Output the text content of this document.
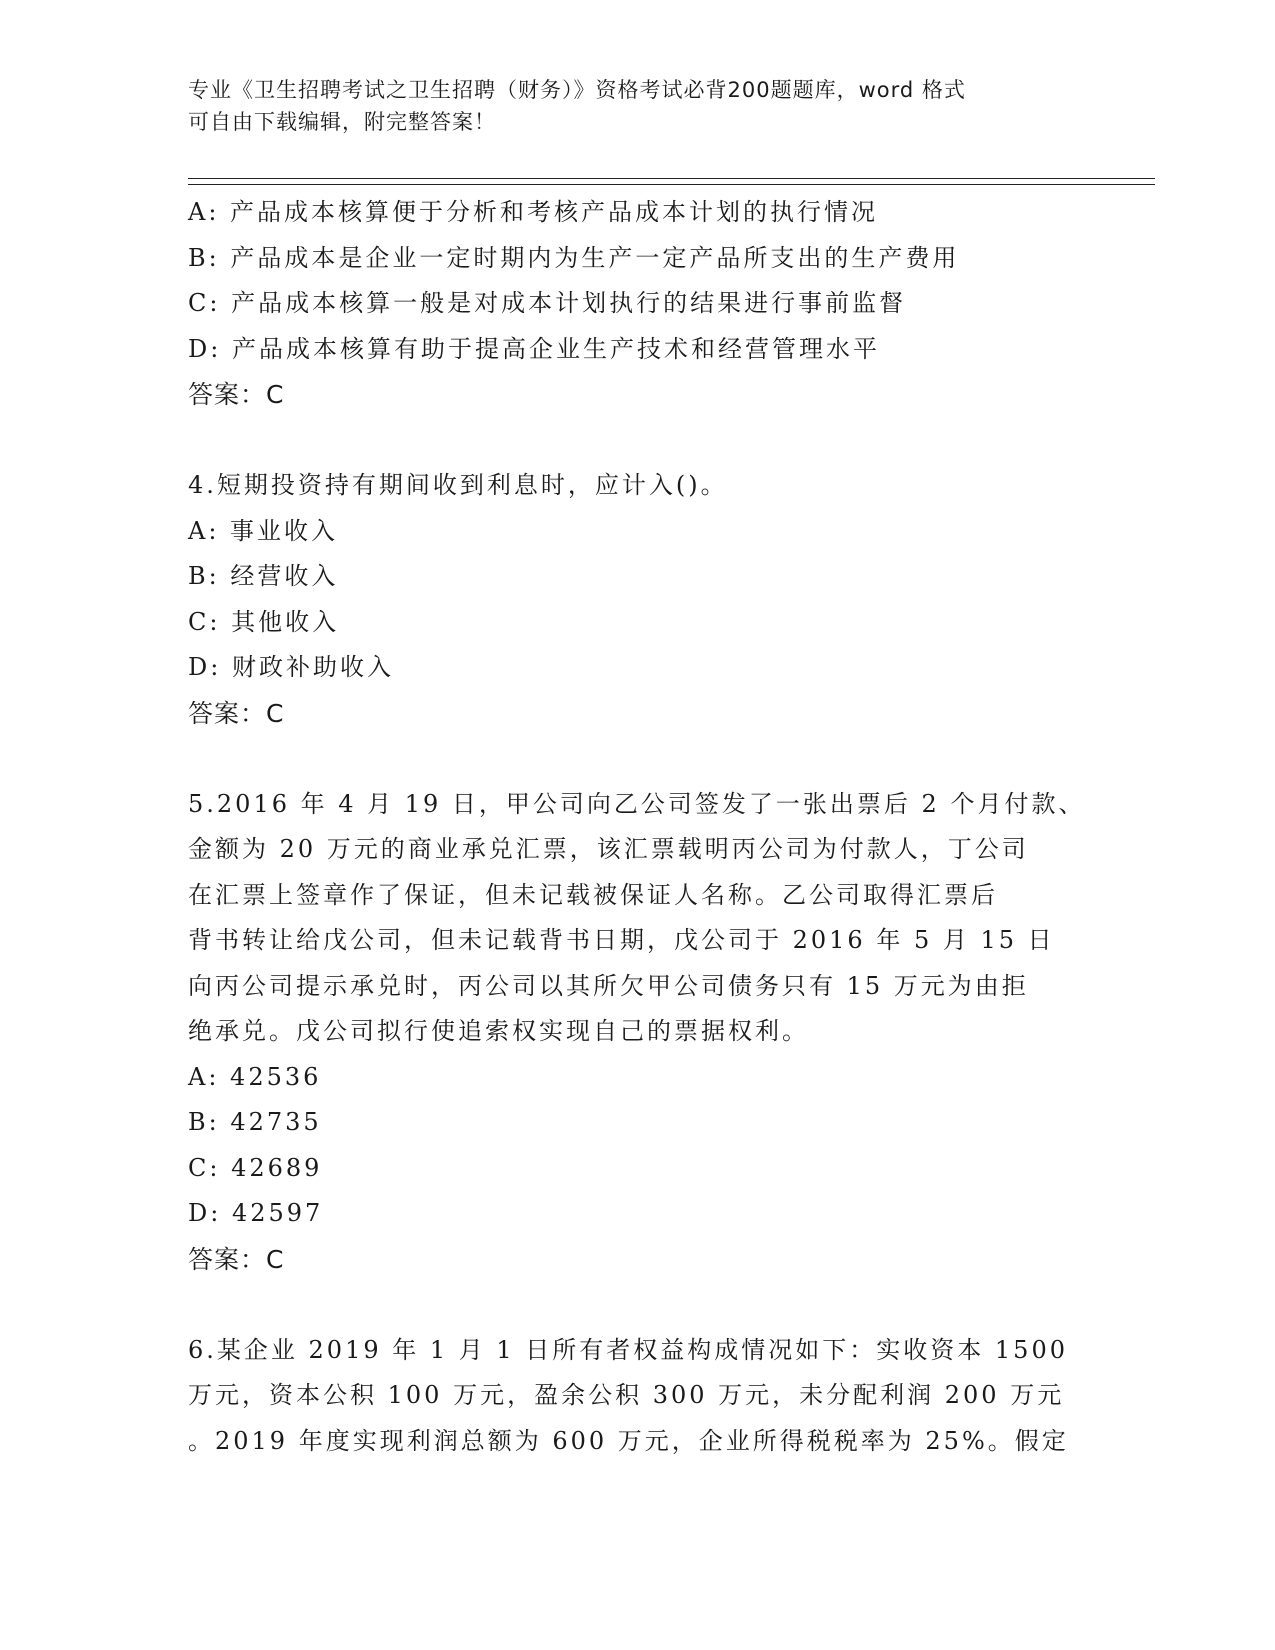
专业《卫生招聘考试之卫生招聘（财务）》资格考试必背200题题库，word 格式
可自由下载编辑，附完整答案！
A: 产品成本核算便于分析和考核产品成本计划的执行情况
B: 产品成本是企业一定时期内为生产一定产品所支出的生产费用
C: 产品成本核算一般是对成本计划执行的结果进行事前监督
D: 产品成本核算有助于提高企业生产技术和经营管理水平
答案：C
4.短期投资持有期间收到利息时，应计入()。
A: 事业收入
B: 经营收入
C: 其他收入
D: 财政补助收入
答案：C
5.2016 年 4 月 19 日，甲公司向乙公司签发了一张出票后 2 个月付款、
金额为 20 万元的商业承兑汇票，该汇票载明丙公司为付款人，丁公司
在汇票上签章作了保证，但未记载被保证人名称。乙公司取得汇票后
背书转让给戊公司，但未记载背书日期，戊公司于 2016 年 5 月 15 日
向丙公司提示承兑时，丙公司以其所欠甲公司债务只有 15 万元为由拒
绝承兑。戊公司拟行使追索权实现自己的票据权利。
A: 42536
B: 42735
C: 42689
D: 42597
答案：C
6.某企业 2019 年 1 月 1 日所有者权益构成情况如下：实收资本 1500
万元，资本公积 100 万元，盈余公积 300 万元，未分配利润 200 万元
。2019 年度实现利润总额为 600 万元，企业所得税税率为 25%。假定
